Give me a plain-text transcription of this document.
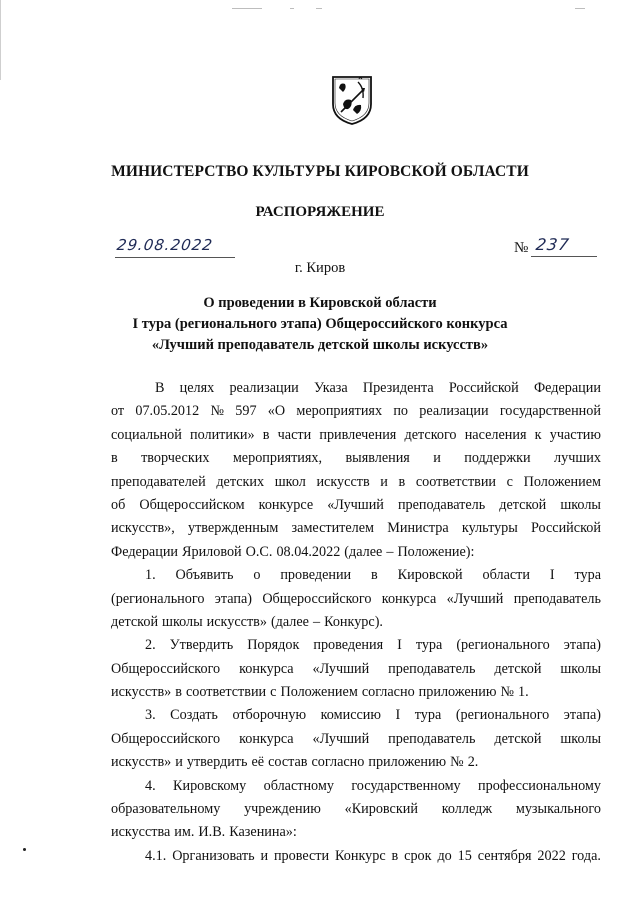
МИНИСТЕРСТВО КУЛЬТУРЫ КИРОВСКОЙ ОБЛАСТИ
РАСПОРЯЖЕНИЕ
29.08.2022	№ 237
г. Киров
О проведении в Кировской области
I тура (регионального этапа) Общероссийского конкурса
«Лучший преподаватель детской школы искусств»
В целях реализации Указа Президента Российской Федерации
от 07.05.2012 № 597 «О мероприятиях по реализации государственной
социальной политики» в части привлечения детского населения к участию
в творческих мероприятиях, выявления и поддержки лучших
преподавателей детских школ искусств и в соответствии с Положением
об Общероссийском конкурсе «Лучший преподаватель детской школы
искусств», утвержденным заместителем Министра культуры Российской
Федерации Яриловой О.С. 08.04.2022 (далее – Положение):
1. Объявить о проведении в Кировской области I тура
(регионального этапа) Общероссийского конкурса «Лучший преподаватель
детской школы искусств» (далее – Конкурс).
2. Утвердить Порядок проведения I тура (регионального этапа)
Общероссийского конкурса «Лучший преподаватель детской школы
искусств» в соответствии с Положением согласно приложению № 1.
3. Создать отборочную комиссию I тура (регионального этапа)
Общероссийского конкурса «Лучший преподаватель детской школы
искусств» и утвердить её состав согласно приложению № 2.
4. Кировскому областному государственному профессиональному
образовательному учреждению «Кировский колледж музыкального
искусства им. И.В. Казенина»:
4.1. Организовать и провести Конкурс в срок до 15 сентября 2022 года.
